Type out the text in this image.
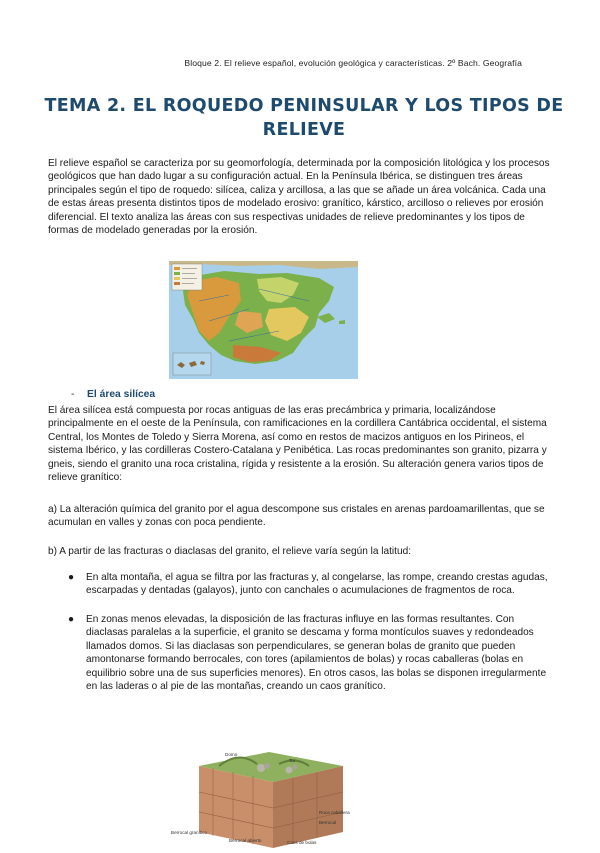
Bloque 2. El relieve español, evolución geológica y características. 2º Bach. Geografía
TEMA 2. EL ROQUEDO PENINSULAR Y LOS TIPOS DE RELIEVE
El relieve español se caracteriza por su geomorfología, determinada por la composición litológica y los procesos geológicos que han dado lugar a su configuración actual. En la Península Ibérica, se distinguen tres áreas principales según el tipo de roquedo: silícea, caliza y arcillosa, a las que se añade un área volcánica. Cada una de estas áreas presenta distintos tipos de modelado erosivo: granítico, kárstico, arcilloso o relieves por erosión diferencial. El texto analiza las áreas con sus respectivas unidades de relieve predominantes y los tipos de formas de modelado generadas por la erosión.
- El área silícea
El área silícea está compuesta por rocas antiguas de las eras precámbrica y primaria, localizándose principalmente en el oeste de la Península, con ramificaciones en la cordillera Cantábrica occidental, el sistema Central, los Montes de Toledo y Sierra Morena, así como en restos de macizos antiguos en los Pirineos, el sistema Ibérico, y las cordilleras Costero-Catalana y Penibética. Las rocas predominantes son granito, pizarra y gneis, siendo el granito una roca cristalina, rígida y resistente a la erosión. Su alteración genera varios tipos de relieve granítico:
a) La alteración química del granito por el agua descompone sus cristales en arenas pardoamarillentas, que se acumulan en valles y zonas con poca pendiente.
b) A partir de las fracturas o diaclasas del granito, el relieve varía según la latitud:
● En alta montaña, el agua se filtra por las fracturas y, al congelarse, las rompe, creando crestas agudas, escarpadas y dentadas (galayos), junto con canchales o acumulaciones de fragmentos de roca.
● En zonas menos elevadas, la disposición de las fracturas influye en las formas resultantes. Con diaclasas paralelas a la superficie, el granito se descama y forma montículos suaves y redondeados llamados domos. Si las diaclasas son perpendiculares, se generan bolas de granito que pueden amontonarse formando berrocales, con tores (apilamientos de bolas) y rocas caballeras (bolas en equilibrio sobre una de sus superficies menores). En otros casos, las bolas se disponen irregularmente en las laderas o al pie de las montañas, creando un caos granítico.
Domo
Tor
Roca caballera
Berrocal
Berrocal granítico
Berrocal abierto	Caos de bolas
